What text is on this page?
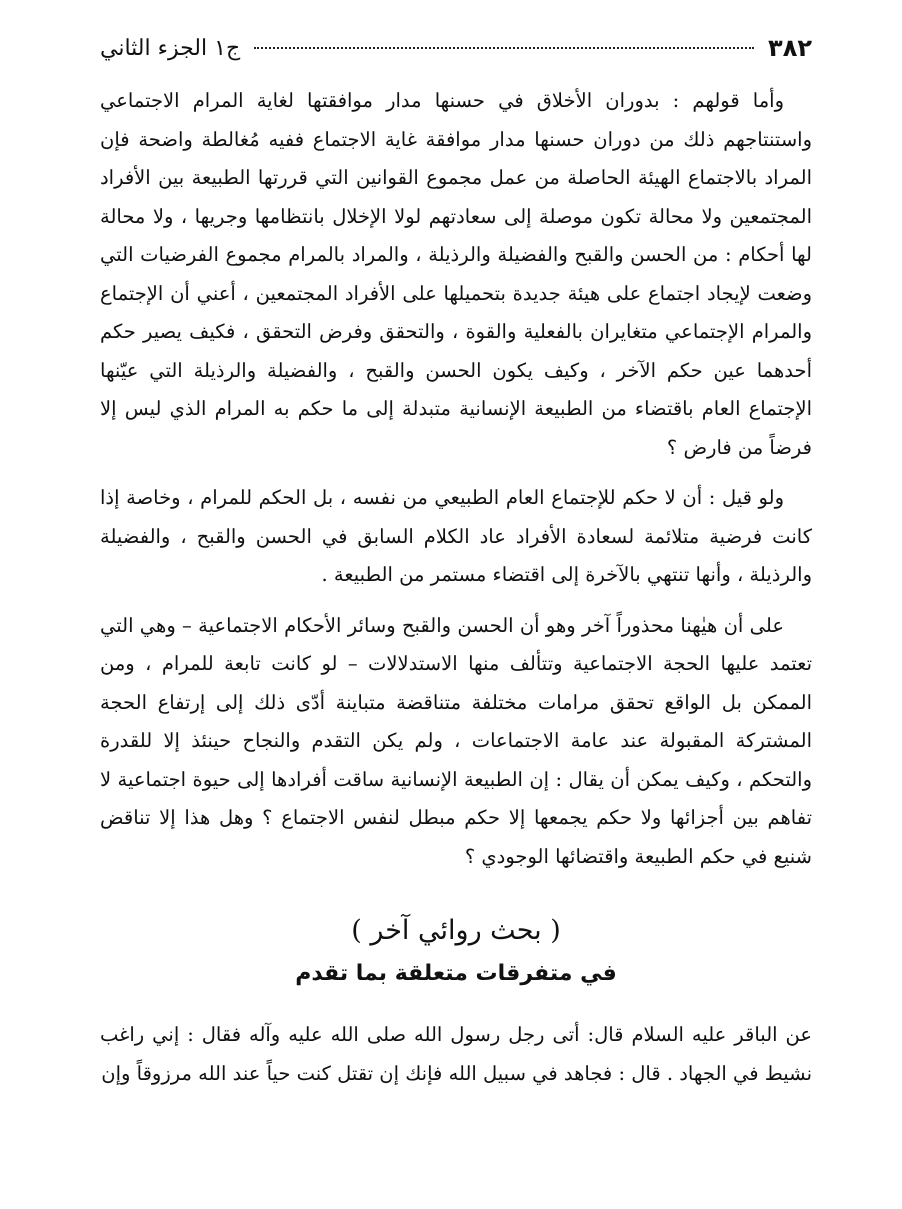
٣٨٢
ج١ الجزء الثاني

وأما قولهم : بدوران الأخلاق في حسنها مدار موافقتها لغاية المرام الاجتماعي واستنتاجهم ذلك من دوران حسنها مدار موافقة غاية الاجتماع ففيه مُغالطة واضحة فإن المراد بالاجتماع الهيئة الحاصلة من عمل مجموع القوانين التي قررتها الطبيعة بين الأفراد المجتمعين ولا محالة تكون موصلة إلى سعادتهم لولا الإخلال بانتظامها وجريها ، ولا محالة لها أحكام : من الحسن والقبح والفضيلة والرذيلة ، والمراد بالمرام مجموع الفرضيات التي وضعت لإيجاد اجتماع على هيئة جديدة بتحميلها على الأفراد المجتمعين ، أعني أن الإجتماع والمرام الإجتماعي متغايران بالفعلية والقوة ، والتحقق وفرض التحقق ، فكيف يصير حكم أحدهما عين حكم الآخر ، وكيف يكون الحسن والقبح ، والفضيلة والرذيلة التي عيّنها الإجتماع العام باقتضاء من الطبيعة الإنسانية متبدلة إلى ما حكم به المرام الذي ليس إلا فرضاً من فارض ؟

ولو قيل : أن لا حكم للإجتماع العام الطبيعي من نفسه ، بل الحكم للمرام ، وخاصة إذا كانت فرضية متلائمة لسعادة الأفراد عاد الكلام السابق في الحسن والقبح ، والفضيلة والرذيلة ، وأنها تنتهي بالآخرة إلى اقتضاء مستمر من الطبيعة .

على أن هيٰهنا محذوراً آخر وهو أن الحسن والقبح وسائر الأحكام الاجتماعية – وهي التي تعتمد عليها الحجة الاجتماعية وتتألف منها الاستدلالات – لو كانت تابعة للمرام ، ومن الممكن بل الواقع تحقق مرامات مختلفة متناقضة متباينة أدّى ذلك إلى إرتفاع الحجة المشتركة المقبولة عند عامة الاجتماعات ، ولم يكن التقدم والنجاح حينئذ إلا للقدرة والتحكم ، وكيف يمكن أن يقال : إن الطبيعة الإنسانية ساقت أفرادها إلى حيوة اجتماعية لا تفاهم بين أجزائها ولا حكم يجمعها إلا حكم مبطل لنفس الاجتماع ؟ وهل هذا إلا تناقض شنيع في حكم الطبيعة واقتضائها الوجودي ؟

( بحث روائي آخر )
في متفرقات متعلقة بما تقدم

عن الباقر عليه السلام قال: أتى رجل رسول الله صلى الله عليه وآله فقال : إني راغب نشيط في الجهاد . قال : فجاهد في سبيل الله فإنك إن تقتل كنت حياً عند الله مرزوقاً وإن
